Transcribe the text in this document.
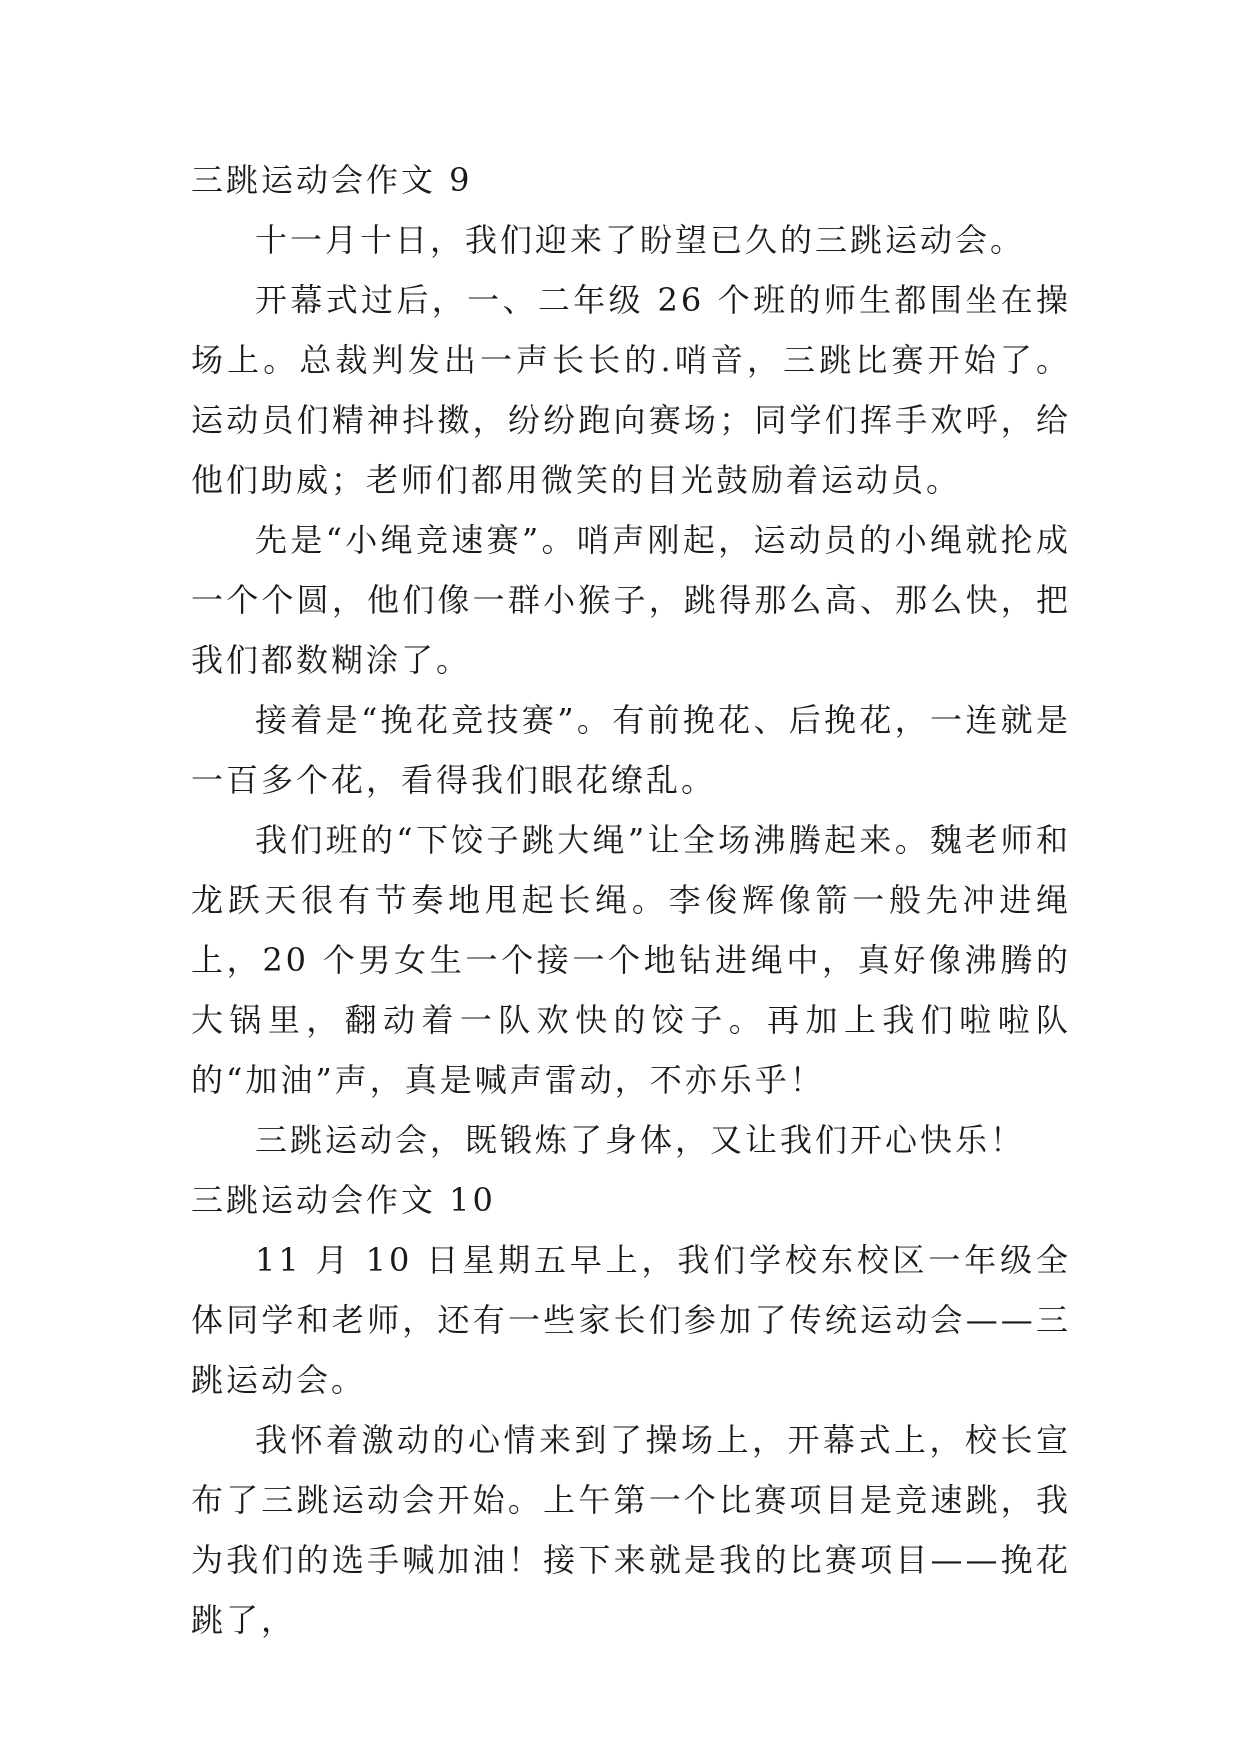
三跳运动会作文 9

十一月十日，我们迎来了盼望已久的三跳运动会。

开幕式过后，一、二年级 26 个班的师生都围坐在操场上。总裁判发出一声长长的.哨音，三跳比赛开始了。运动员们精神抖擞，纷纷跑向赛场；同学们挥手欢呼，给他们助威；老师们都用微笑的目光鼓励着运动员。

先是“小绳竞速赛”。哨声刚起，运动员的小绳就抡成一个个圆，他们像一群小猴子，跳得那么高、那么快，把我们都数糊涂了。

接着是“挽花竞技赛”。有前挽花、后挽花，一连就是一百多个花，看得我们眼花缭乱。

我们班的“下饺子跳大绳”让全场沸腾起来。魏老师和龙跃天很有节奏地甩起长绳。李俊辉像箭一般先冲进绳上，20 个男女生一个接一个地钻进绳中，真好像沸腾的大锅里，翻动着一队欢快的饺子。再加上我们啦啦队的“加油”声，真是喊声雷动，不亦乐乎！

三跳运动会，既锻炼了身体，又让我们开心快乐！

三跳运动会作文 10

11 月 10 日星期五早上，我们学校东校区一年级全体同学和老师，还有一些家长们参加了传统运动会——三跳运动会。

我怀着激动的心情来到了操场上，开幕式上，校长宣布了三跳运动会开始。上午第一个比赛项目是竞速跳，我为我们的选手喊加油！接下来就是我的比赛项目——挽花跳了，
